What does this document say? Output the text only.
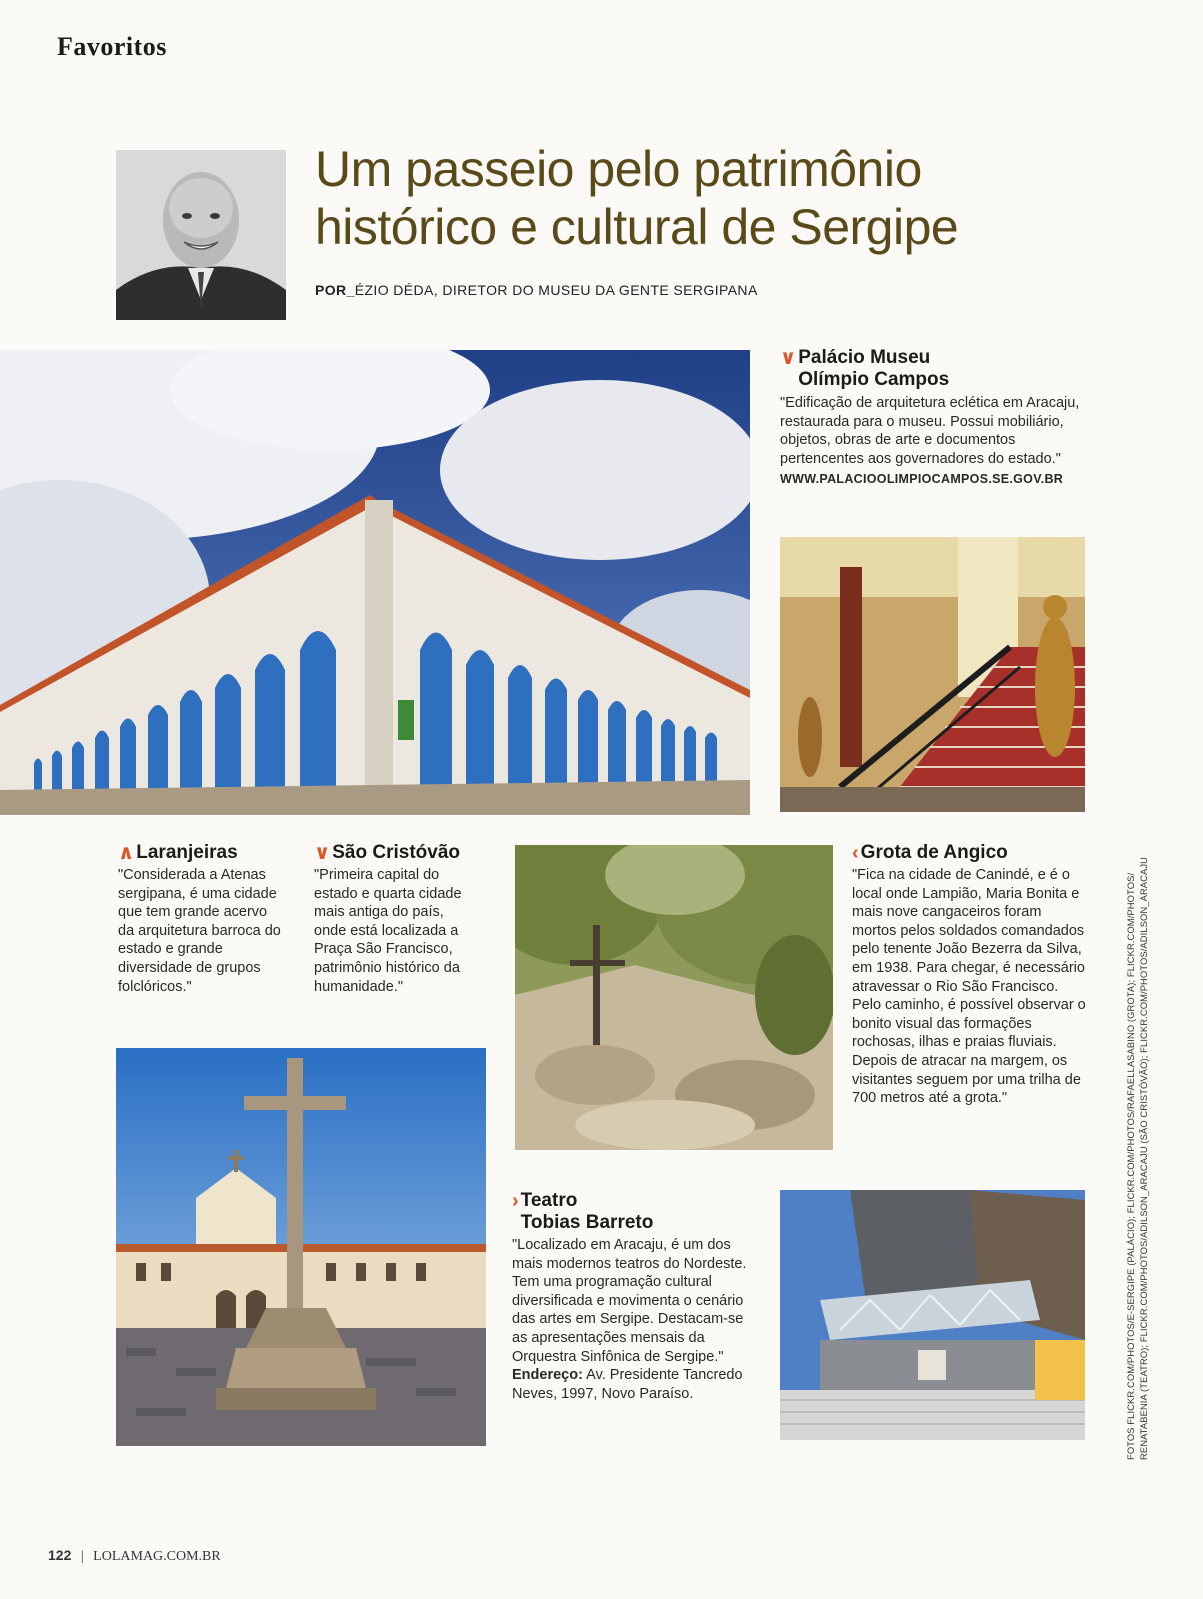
Favoritos
Um passeio pelo patrimônio histórico e cultural de Sergipe
POR_ÉZIO DÉDA, DIRETOR DO MUSEU DA GENTE SERGIPANA
∨ Palácio Museu
Olímpio Campos
"Edificação de arquitetura eclética em Aracaju, restaurada para o museu. Possui mobiliário, objetos, obras de arte e documentos pertencentes aos governadores do estado."
WWW.PALACIOOLIMPIOCAMPOS.SE.GOV.BR
∧ Laranjeiras
"Considerada a Atenas sergipana, é uma cidade que tem grande acervo da arquitetura barroca do estado e grande diversidade de grupos folclóricos."
∨ São Cristóvão
"Primeira capital do estado e quarta cidade mais antiga do país, onde está localizada a Praça São Francisco, patrimônio histórico da humanidade."
‹ Grota de Angico
"Fica na cidade de Canindé, e é o local onde Lampião, Maria Bonita e mais nove cangaceiros foram mortos pelos soldados comandados pelo tenente João Bezerra da Silva, em 1938. Para chegar, é necessário atravessar o Rio São Francisco. Pelo caminho, é possível observar o bonito visual das formações rochosas, ilhas e praias fluviais. Depois de atracar na margem, os visitantes seguem por uma trilha de 700 metros até a grota."
› Teatro
Tobias Barreto
"Localizado em Aracaju, é um dos mais modernos teatros do Nordeste. Tem uma programação cultural diversificada e movimenta o cenário das artes em Sergipe. Destacam-se as apresentações mensais da Orquestra Sinfônica de Sergipe." Endereço: Av. Presidente Tancredo Neves, 1997, Novo Paraíso.
122 | LOLAMAG.COM.BR
FOTOS FLICKR.COM/PHOTOS/E-SERGIPE (PALÁCIO); FLICKR.COM/PHOTOS/RAFAELLASABINO (GROTA); FLICKR.COM/PHOTOS/ RENATABENIA (TEATRO); FLICKR.COM/PHOTOS/ADILSON_ARACAJU (SÃO CRISTÓVÃO); FLICKR.COM/PHOTOS/ADILSON_ARACAJU
